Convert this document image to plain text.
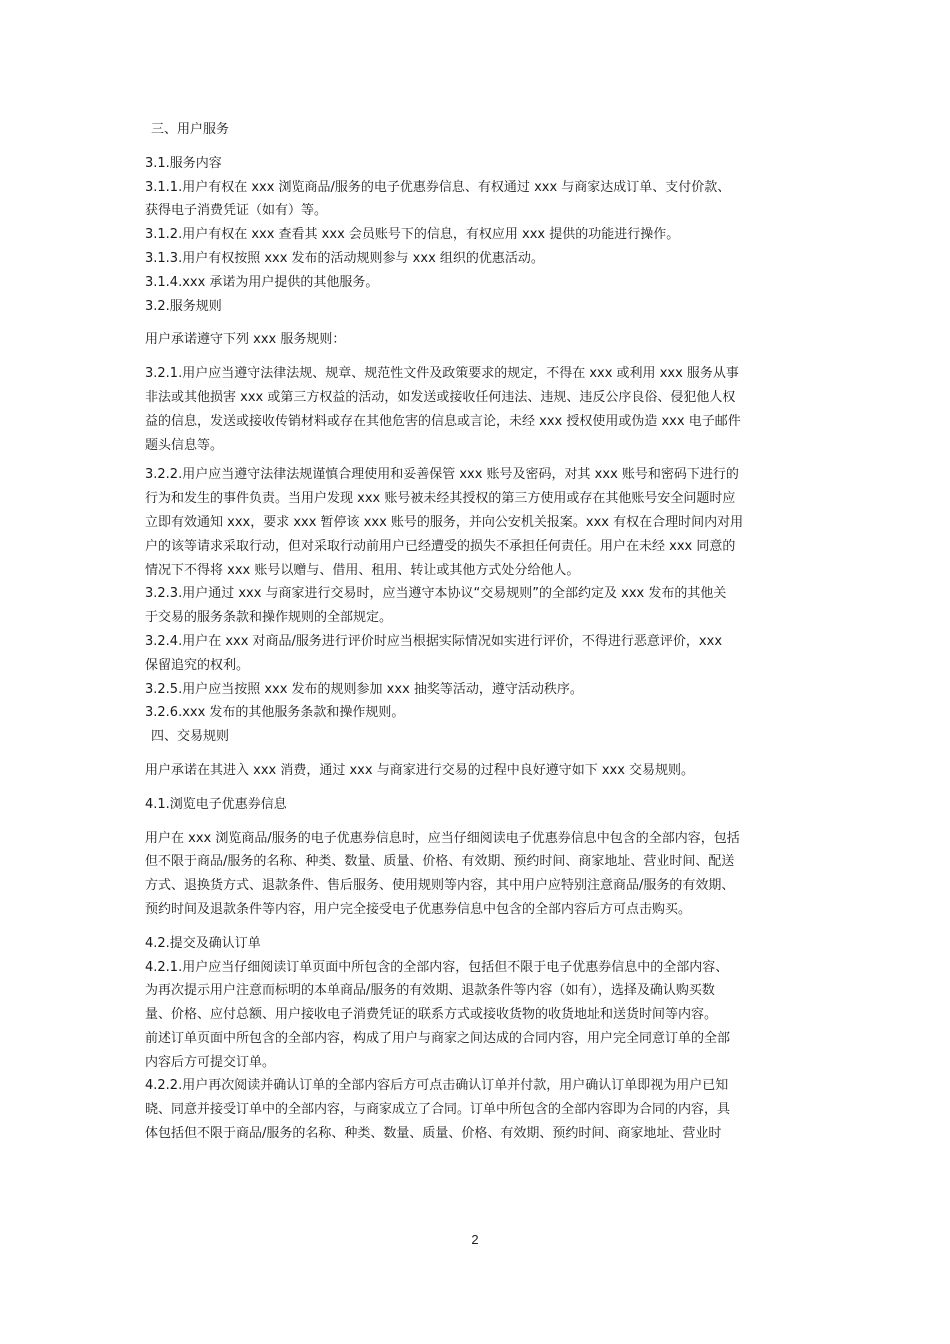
三、用户服务
3.1.服务内容
3.1.1.用户有权在 xxx 浏览商品/服务的电子优惠券信息、有权通过 xxx 与商家达成订单、支付价款、
获得电子消费凭证（如有）等。
3.1.2.用户有权在 xxx 查看其 xxx 会员账号下的信息，有权应用 xxx 提供的功能进行操作。
3.1.3.用户有权按照 xxx 发布的活动规则参与 xxx 组织的优惠活动。
3.1.4.xxx 承诺为用户提供的其他服务。
3.2.服务规则
用户承诺遵守下列 xxx 服务规则：
3.2.1.用户应当遵守法律法规、规章、规范性文件及政策要求的规定，不得在 xxx 或利用 xxx 服务从事
非法或其他损害 xxx 或第三方权益的活动，如发送或接收任何违法、违规、违反公序良俗、侵犯他人权
益的信息，发送或接收传销材料或存在其他危害的信息或言论，未经 xxx 授权使用或伪造 xxx 电子邮件
题头信息等。
3.2.2.用户应当遵守法律法规谨慎合理使用和妥善保管 xxx 账号及密码，对其 xxx 账号和密码下进行的
行为和发生的事件负责。当用户发现 xxx 账号被未经其授权的第三方使用或存在其他账号安全问题时应
立即有效通知 xxx，要求 xxx 暂停该 xxx 账号的服务，并向公安机关报案。xxx 有权在合理时间内对用
户的该等请求采取行动，但对采取行动前用户已经遭受的损失不承担任何责任。用户在未经 xxx 同意的
情况下不得将 xxx 账号以赠与、借用、租用、转让或其他方式处分给他人。
3.2.3.用户通过 xxx 与商家进行交易时，应当遵守本协议“交易规则”的全部约定及 xxx 发布的其他关
于交易的服务条款和操作规则的全部规定。
3.2.4.用户在 xxx 对商品/服务进行评价时应当根据实际情况如实进行评价，不得进行恶意评价，xxx
保留追究的权利。
3.2.5.用户应当按照 xxx 发布的规则参加 xxx 抽奖等活动，遵守活动秩序。
3.2.6.xxx 发布的其他服务条款和操作规则。
四、交易规则
用户承诺在其进入 xxx 消费，通过 xxx 与商家进行交易的过程中良好遵守如下 xxx 交易规则。
4.1.浏览电子优惠券信息
用户在 xxx 浏览商品/服务的电子优惠券信息时，应当仔细阅读电子优惠券信息中包含的全部内容，包括
但不限于商品/服务的名称、种类、数量、质量、价格、有效期、预约时间、商家地址、营业时间、配送
方式、退换货方式、退款条件、售后服务、使用规则等内容，其中用户应特别注意商品/服务的有效期、
预约时间及退款条件等内容，用户完全接受电子优惠券信息中包含的全部内容后方可点击购买。
4.2.提交及确认订单
4.2.1.用户应当仔细阅读订单页面中所包含的全部内容，包括但不限于电子优惠券信息中的全部内容、
为再次提示用户注意而标明的本单商品/服务的有效期、退款条件等内容（如有），选择及确认购买数
量、价格、应付总额、用户接收电子消费凭证的联系方式或接收货物的收货地址和送货时间等内容。
前述订单页面中所包含的全部内容，构成了用户与商家之间达成的合同内容，用户完全同意订单的全部
内容后方可提交订单。
4.2.2.用户再次阅读并确认订单的全部内容后方可点击确认订单并付款，用户确认订单即视为用户已知
晓、同意并接受订单中的全部内容，与商家成立了合同。订单中所包含的全部内容即为合同的内容，具
体包括但不限于商品/服务的名称、种类、数量、质量、价格、有效期、预约时间、商家地址、营业时
2
